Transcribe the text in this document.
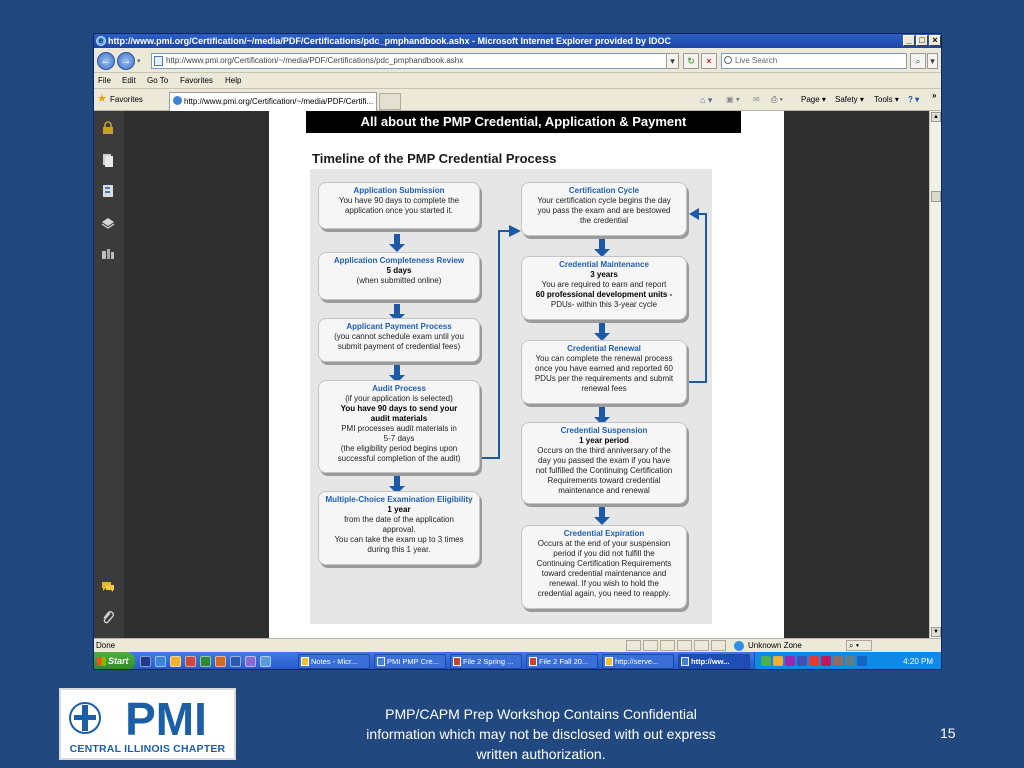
e http://www.pmi.org/Certification/~/media/PDF/Certifications/pdc_pmphandbook.ashx - Microsoft Internet Explorer provided by IDOC	_ □ ×
← → ▾	http://www.pmi.org/Certification/~/media/PDF/Certifications/pdc_pmphandbook.ashx	▾	↻	×	Live Search	⌕	▾
File Edit Go To Favorites Help
★ Favorites	http://www.pmi.org/Certification/~/media/PDF/Certifi...	⌂ ▾ ▣ ▾ ✉ ⎙ ▾ Page ▾ Safety ▾ Tools ▾ ? ▾ »
All about the PMP Credential, Application & Payment
Timeline of the PMP Credential Process
Application Submission
You have 90 days to complete the
application once you started it.
Application Completeness Review
5 days
(when submitted online)
Applicant Payment Process
(you cannot schedule exam until you
submit payment of credential fees)
Audit Process
(if your application is selected)
You have 90 days to send your
audit materials
PMI processes audit materials in
5-7 days
(the eligibility period begins upon
successful completion of the audit)
Multiple-Choice Examination Eligibility
1 year
from the date of the application
approval.
You can take the exam up to 3 times
during this 1 year.
Certification Cycle
Your certification cycle begins the day
you pass the exam and are bestowed
the credential
Credential Maintenance
3 years
You are required to earn and report
60 professional development units -
PDUs- within this 3-year cycle
Credential Renewal
You can complete the renewal process
once you have earned and reported 60
PDUs per the requirements and submit
renewal fees
Credential Suspension
1 year period
Occurs on the third anniversary of the
day you passed the exam if you have
not fulfilled the Continuing Certification
Requirements toward credential
maintenance and renewal
Credential Expiration
Occurs at the end of your suspension
period if you did not fulfill the
Continuing Certification Requirements
toward credential maintenance and
renewal. If you wish to hold the
credential again, you need to reapply.
▲
▼
Done	Unknown Zone	⌕ ▾
Start	Notes - Micr...	PMI PMP Cre...	File 2 Spring ...	File 2 Fall 20...	http://serve...	http://ww...	4:20 PM
PMI
CENTRAL ILLINOIS CHAPTER
PMP/CAPM Prep Workshop Contains Confidential information which may not be disclosed with out express written authorization.
15
